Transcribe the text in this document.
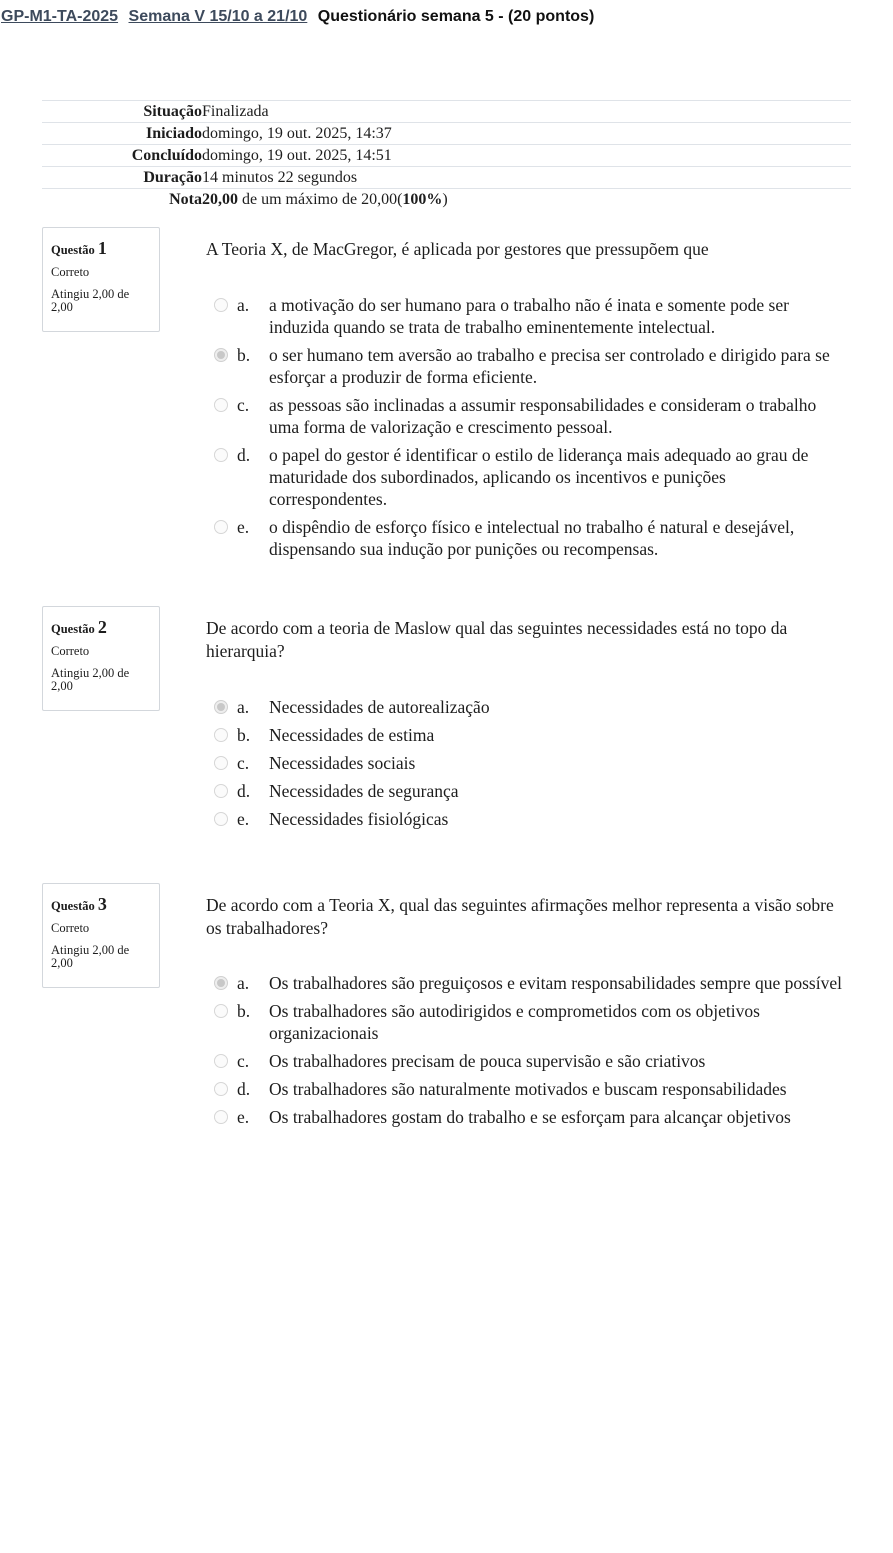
GP-M1-TA-2025 Semana V 15/10 a 21/10 Questionário semana 5 - (20 pontos)
Situação	Finalizada
Iniciado	domingo, 19 out. 2025, 14:37
Concluído	domingo, 19 out. 2025, 14:51
Duração	14 minutos 22 segundos
Nota	20,00 de um máximo de 20,00(100%)
Questão 1
Correto
Atingiu 2,00 de 2,00
A Teoria X, de MacGregor, é aplicada por gestores que pressupõem que
a.	a motivação do ser humano para o trabalho não é inata e somente pode ser induzida quando se trata de trabalho eminentemente intelectual.
b.	o ser humano tem aversão ao trabalho e precisa ser controlado e dirigido para se esforçar a produzir de forma eficiente.
c.	as pessoas são inclinadas a assumir responsabilidades e consideram o trabalho uma forma de valorização e crescimento pessoal.
d.	o papel do gestor é identificar o estilo de liderança mais adequado ao grau de maturidade dos subordinados, aplicando os incentivos e punições correspondentes.
e.	o dispêndio de esforço físico e intelectual no trabalho é natural e desejável, dispensando sua indução por punições ou recompensas.
Questão 2
Correto
Atingiu 2,00 de 2,00
De acordo com a teoria de Maslow qual das seguintes necessidades está no topo da hierarquia?
a.	Necessidades de autorealização
b.	Necessidades de estima
c.	Necessidades sociais
d.	Necessidades de segurança
e.	Necessidades fisiológicas
Questão 3
Correto
Atingiu 2,00 de 2,00
De acordo com a Teoria X, qual das seguintes afirmações melhor representa a visão sobre os trabalhadores?
a.	Os trabalhadores são preguiçosos e evitam responsabilidades sempre que possível
b.	Os trabalhadores são autodirigidos e comprometidos com os objetivos organizacionais
c.	Os trabalhadores precisam de pouca supervisão e são criativos
d.	Os trabalhadores são naturalmente motivados e buscam responsabilidades
e.	Os trabalhadores gostam do trabalho e se esforçam para alcançar objetivos
